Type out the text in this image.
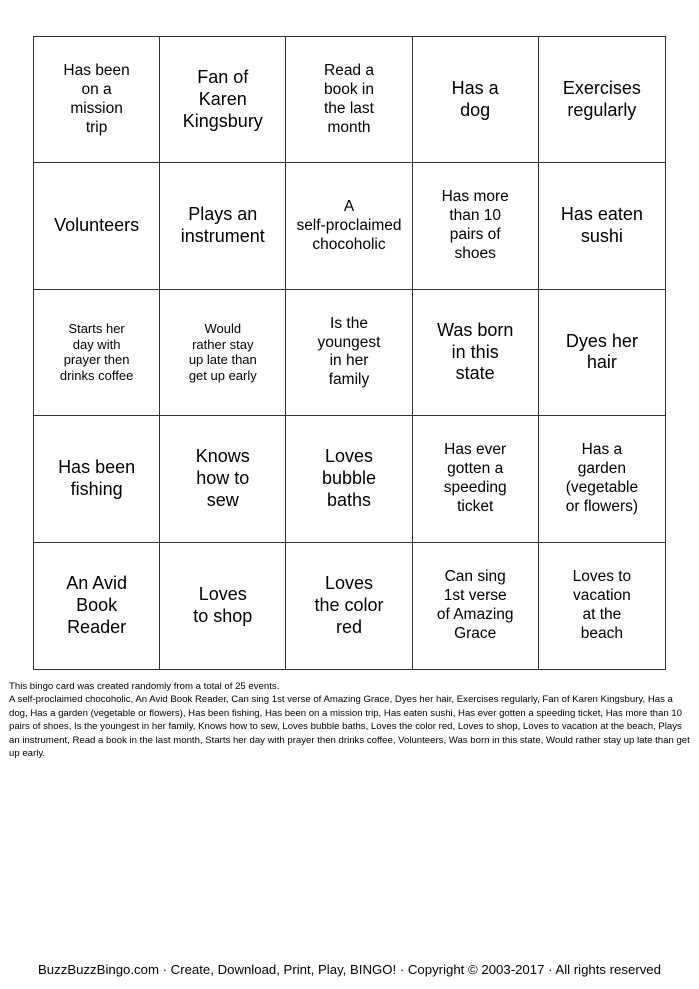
Has been
on a
mission
trip
Fan of
Karen
Kingsbury
Read a
book in
the last
month
Has a
dog
Exercises
regularly
Volunteers
Plays an
instrument
A
self-proclaimed
chocoholic
Has more
than 10
pairs of
shoes
Has eaten
sushi
Starts her
day with
prayer then
drinks coffee
Would
rather stay
up late than
get up early
Is the
youngest
in her
family
Was born
in this
state
Dyes her
hair
Has been
fishing
Knows
how to
sew
Loves
bubble
baths
Has ever
gotten a
speeding
ticket
Has a
garden
(vegetable
or flowers)
An Avid
Book
Reader
Loves
to shop
Loves
the color
red
Can sing
1st verse
of Amazing
Grace
Loves to
vacation
at the
beach

This bingo card was created randomly from a total of 25 events.

A self-proclaimed chocoholic, An Avid Book Reader, Can sing 1st verse of Amazing Grace, Dyes her hair, Exercises regularly, Fan of Karen Kingsbury, Has a dog, Has a garden (vegetable or flowers), Has been fishing, Has been on a mission trip, Has eaten sushi, Has ever gotten a speeding ticket, Has more than 10 pairs of shoes, Is the youngest in her family, Knows how to sew, Loves bubble baths, Loves the color red, Loves to shop, Loves to vacation at the beach, Plays an instrument, Read a book in the last month, Starts her day with prayer then drinks coffee, Volunteers, Was born in this state, Would rather stay up late than get up early.

BuzzBuzzBingo.com · Create, Download, Print, Play, BINGO! · Copyright © 2003-2017 · All rights reserved
